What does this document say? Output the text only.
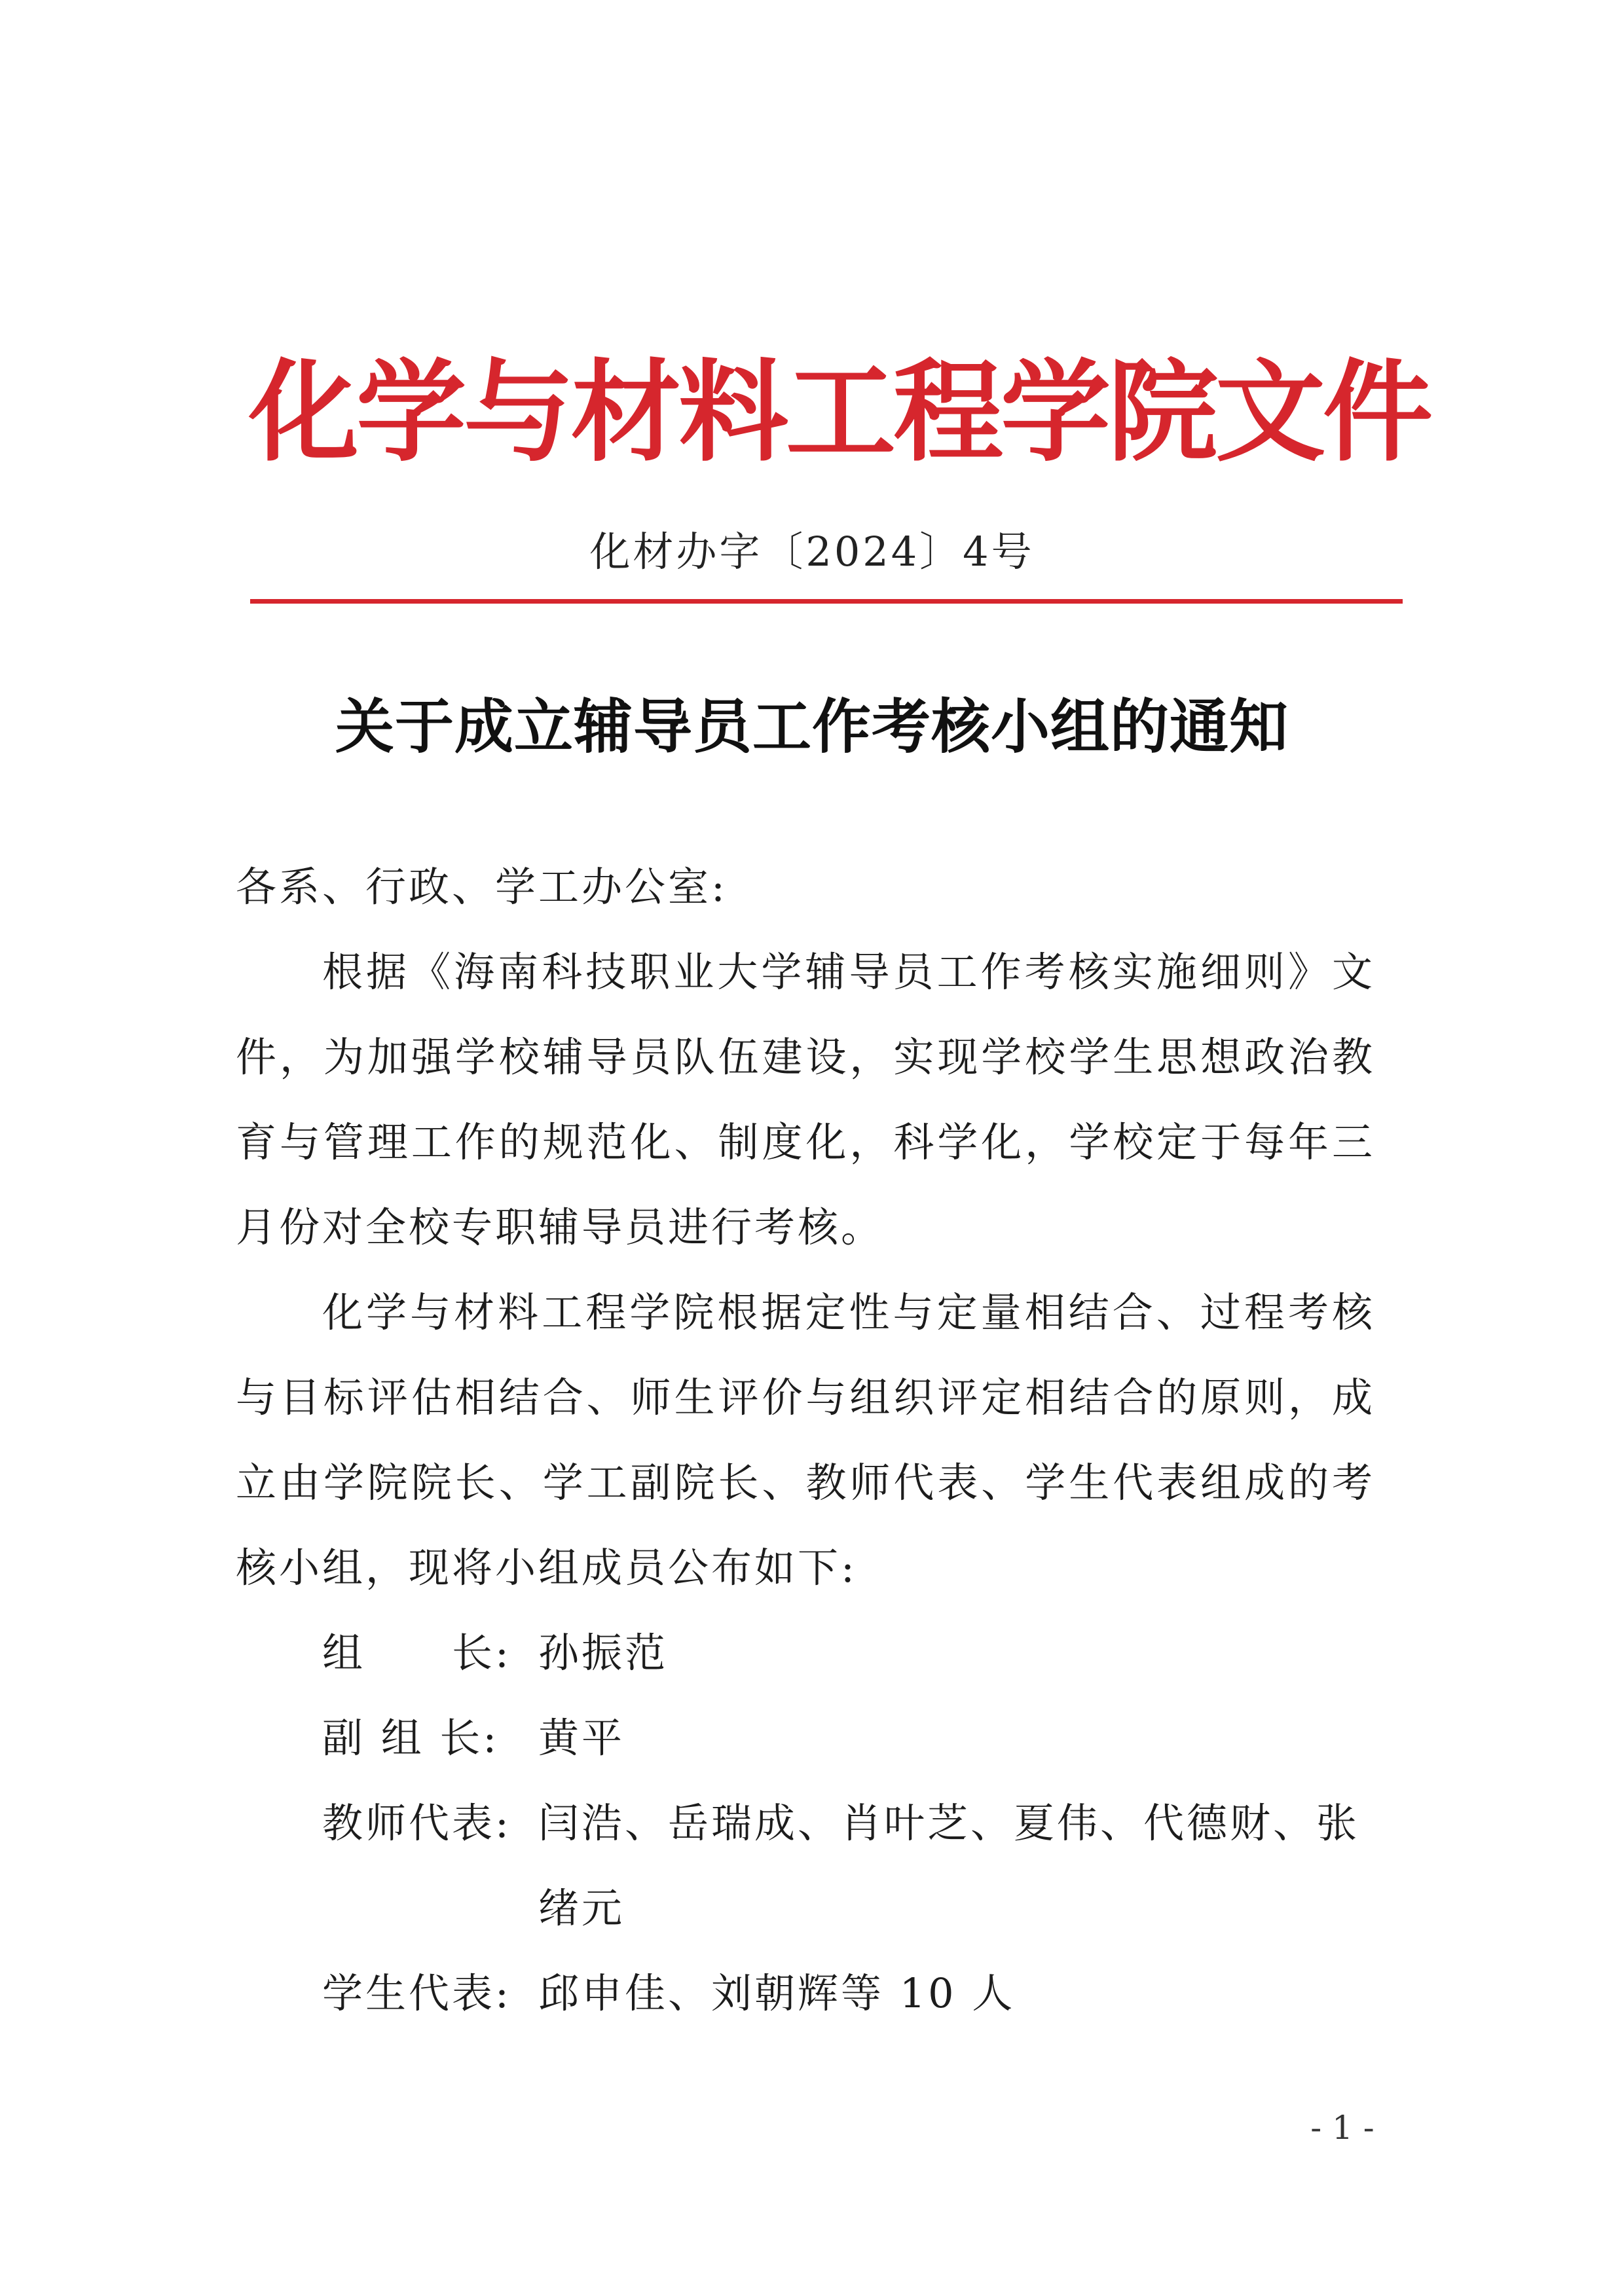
化学与材料工程学院文件
化材办字〔2024〕4号
关于成立辅导员工作考核小组的通知
各系、行政、学工办公室:
根据《海南科技职业大学辅导员工作考核实施细则》文件，为加强学校辅导员队伍建设，实现学校学生思想政治教育与管理工作的规范化、制度化，科学化，学校定于每年三月份对全校专职辅导员进行考核。
化学与材料工程学院根据定性与定量相结合、过程考核与目标评估相结合、师生评价与组织评定相结合的原则，成立由学院院长、学工副院长、教师代表、学生代表组成的考核小组，现将小组成员公布如下:
组　　长: 孙振范
副 组 长: 黄平
教师代表: 闫浩、岳瑞成、肖叶芝、夏伟、代德财、张绪元
学生代表: 邱申佳、刘朝辉等 10 人
- 1 -
